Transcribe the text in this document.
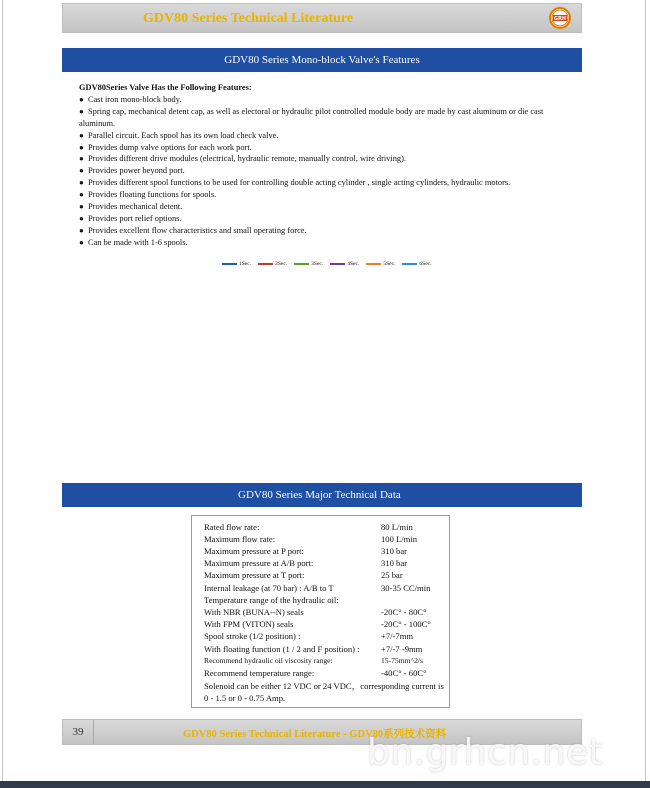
GDV80 Series Technical Literature	GRH
GDV80 Series Mono-block Valve's Features
GDV80Series Valve Has the Following Features:
● Cast iron mono-block body.
● Spring cap, mechanical detent cap, as well as electoral or hydraulic pilot controlled module body are made by cast aluminum or die cast aluminum.
● Parallel circuit. Each spool has its own load check valve.
● Provides dump valve options for each work port.
● Provides different drive modules (electrical, hydraulic remote, manually control, wire driving).
● Provides power beyond port.
● Provides different spool functions to be used for controlling double acting cylinder , single acting cylinders, hydraulic motors.
● Provides floating functions for spools.
● Provides mechanical detent.
● Provides port relief options.
● Provides excellent flow characteristics and small operating force.
● Can be made with 1-6 spools.
1Sec.	2Sec.	3Sec.	4Sec.	5Sec.	6Sec.
GDV80 Series Major Technical Data
Rated flow rate:	80 L/min
Maximum flow rate:	100 L/min
Maximum pressure at P port:	310 bar
Maximum pressure at A/B port:	310 bar
Maximum pressure at T port:	25 bar
Internal leakage (at 70 bar) : A/B to T	30-35 CC/min
Temperature range of the hydraulic oil:
With NBR (BUNA--N) seals	-20C° - 80C°
With FPM (VITON) seals	-20C° - 100C°
Spool stroke (1/2 position) :	+7/-7mm
With floating function (1 / 2 and F position) : +7/-7 -9mm
Recommend hydraulic oil viscosity range:	15-75mm^2/s
Recommend temperature range:	-40C° - 60C°
Solenoid can be either 12 VDC or 24 VDC，corresponding current is 0 - 1.5 or 0 - 0.75 Amp.
39	GDV80 Series Technical Literature - GDV80系列技术资料
bn.grhcn.net
